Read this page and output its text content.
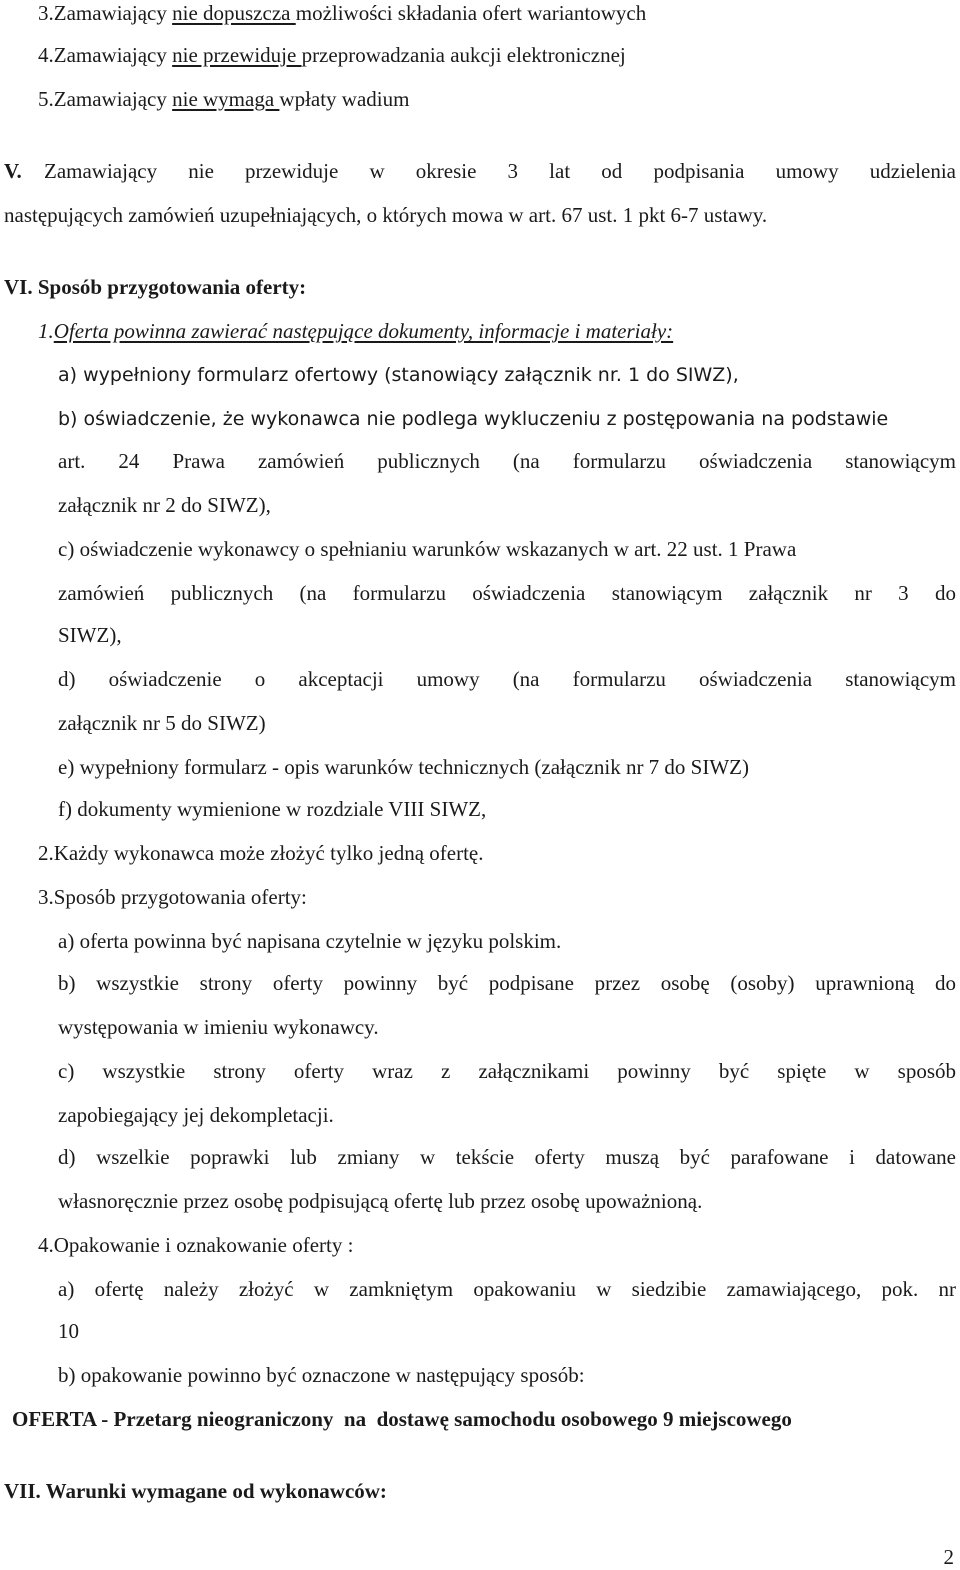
3.Zamawiający nie dopuszcza możliwości składania ofert wariantowych
4.Zamawiający nie przewiduje przeprowadzania aukcji elektronicznej
5.Zamawiający nie wymaga wpłaty wadium
V.	Zamawiający nie przewiduje w okresie 3 lat od podpisania umowy udzielenia
następujących zamówień uzupełniających, o których mowa w art. 67 ust. 1 pkt 6-7 ustawy.
VI. Sposób przygotowania oferty:
1.Oferta powinna zawierać następujące dokumenty, informacje i materiały:
a) wypełniony formularz ofertowy (stanowiący załącznik nr. 1 do SIWZ),
b) oświadczenie, że wykonawca nie podlega wykluczeniu z postępowania na podstawie
art. 24 Prawa zamówień publicznych (na formularzu oświadczenia stanowiącym
załącznik nr 2 do SIWZ),
c) oświadczenie wykonawcy o spełnianiu warunków wskazanych w art. 22 ust. 1 Prawa
zamówień publicznych (na formularzu oświadczenia stanowiącym załącznik nr 3 do
SIWZ),
d) oświadczenie o akceptacji umowy (na formularzu oświadczenia stanowiącym
załącznik nr 5 do SIWZ)
e) wypełniony formularz - opis warunków technicznych (załącznik nr 7 do SIWZ)
f) dokumenty wymienione w rozdziale VIII SIWZ,
2.Każdy wykonawca może złożyć tylko jedną ofertę.
3.Sposób przygotowania oferty:
a) oferta powinna być napisana czytelnie w języku polskim.
b) wszystkie strony oferty powinny być podpisane przez osobę (osoby) uprawnioną do
występowania w imieniu wykonawcy.
c) wszystkie strony oferty wraz z załącznikami powinny być spięte w sposób
zapobiegający jej dekompletacji.
d) wszelkie poprawki lub zmiany w tekście oferty muszą być parafowane i datowane
własnoręcznie przez osobę podpisującą ofertę lub przez osobę upoważnioną.
4.Opakowanie i oznakowanie oferty :
a) ofertę należy złożyć w zamkniętym opakowaniu w siedzibie zamawiającego, pok. nr
10
b) opakowanie powinno być oznaczone w następujący sposób:
OFERTA - Przetarg nieograniczony  na  dostawę samochodu osobowego 9 miejscowego
VII. Warunki wymagane od wykonawców:
2
